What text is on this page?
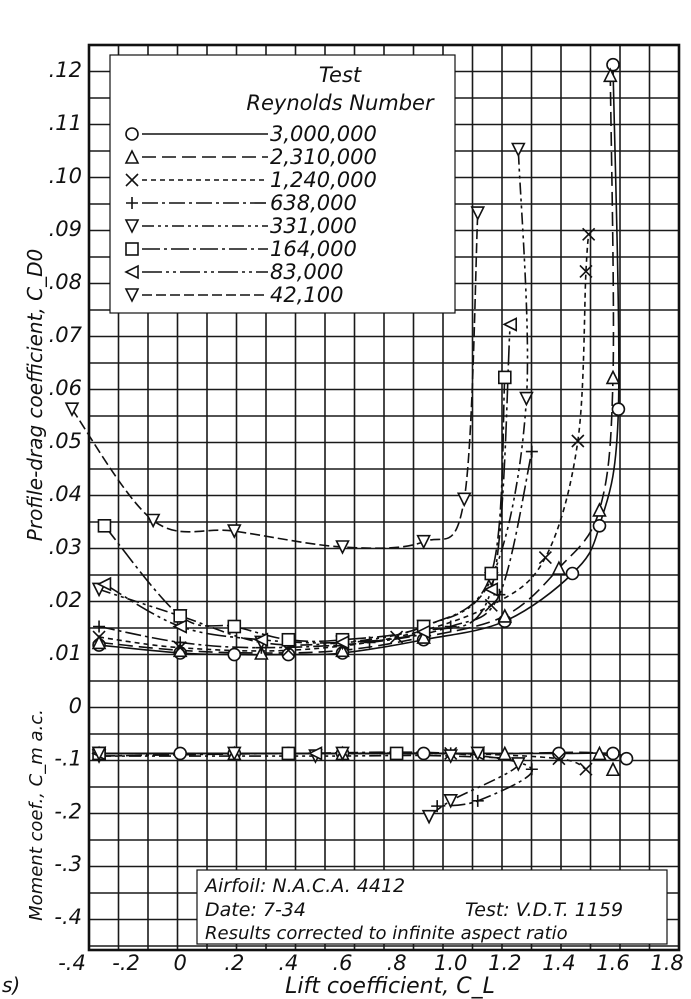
.12
.11
.10
.09
.08
.07
.06
.05
.04
.03
.02
.01
0
-.1
-.2
-.3
-.4
-.4 -.2 0 .2 .4 .6 .8 1.0 1.2 1.4 1.6 1.8
Lift coefficient, C_L
Profile-drag coefficient, C_D0
Moment coef., C_m a.c.
s)
Test
Reynolds Number
3,000,000
2,310,000
1,240,000
638,000
331,000
164,000
83,000
42,100
Airfoil: N.A.C.A. 4412
Date: 7-34	Test: V.D.T. 1159
Results corrected to infinite aspect ratio
